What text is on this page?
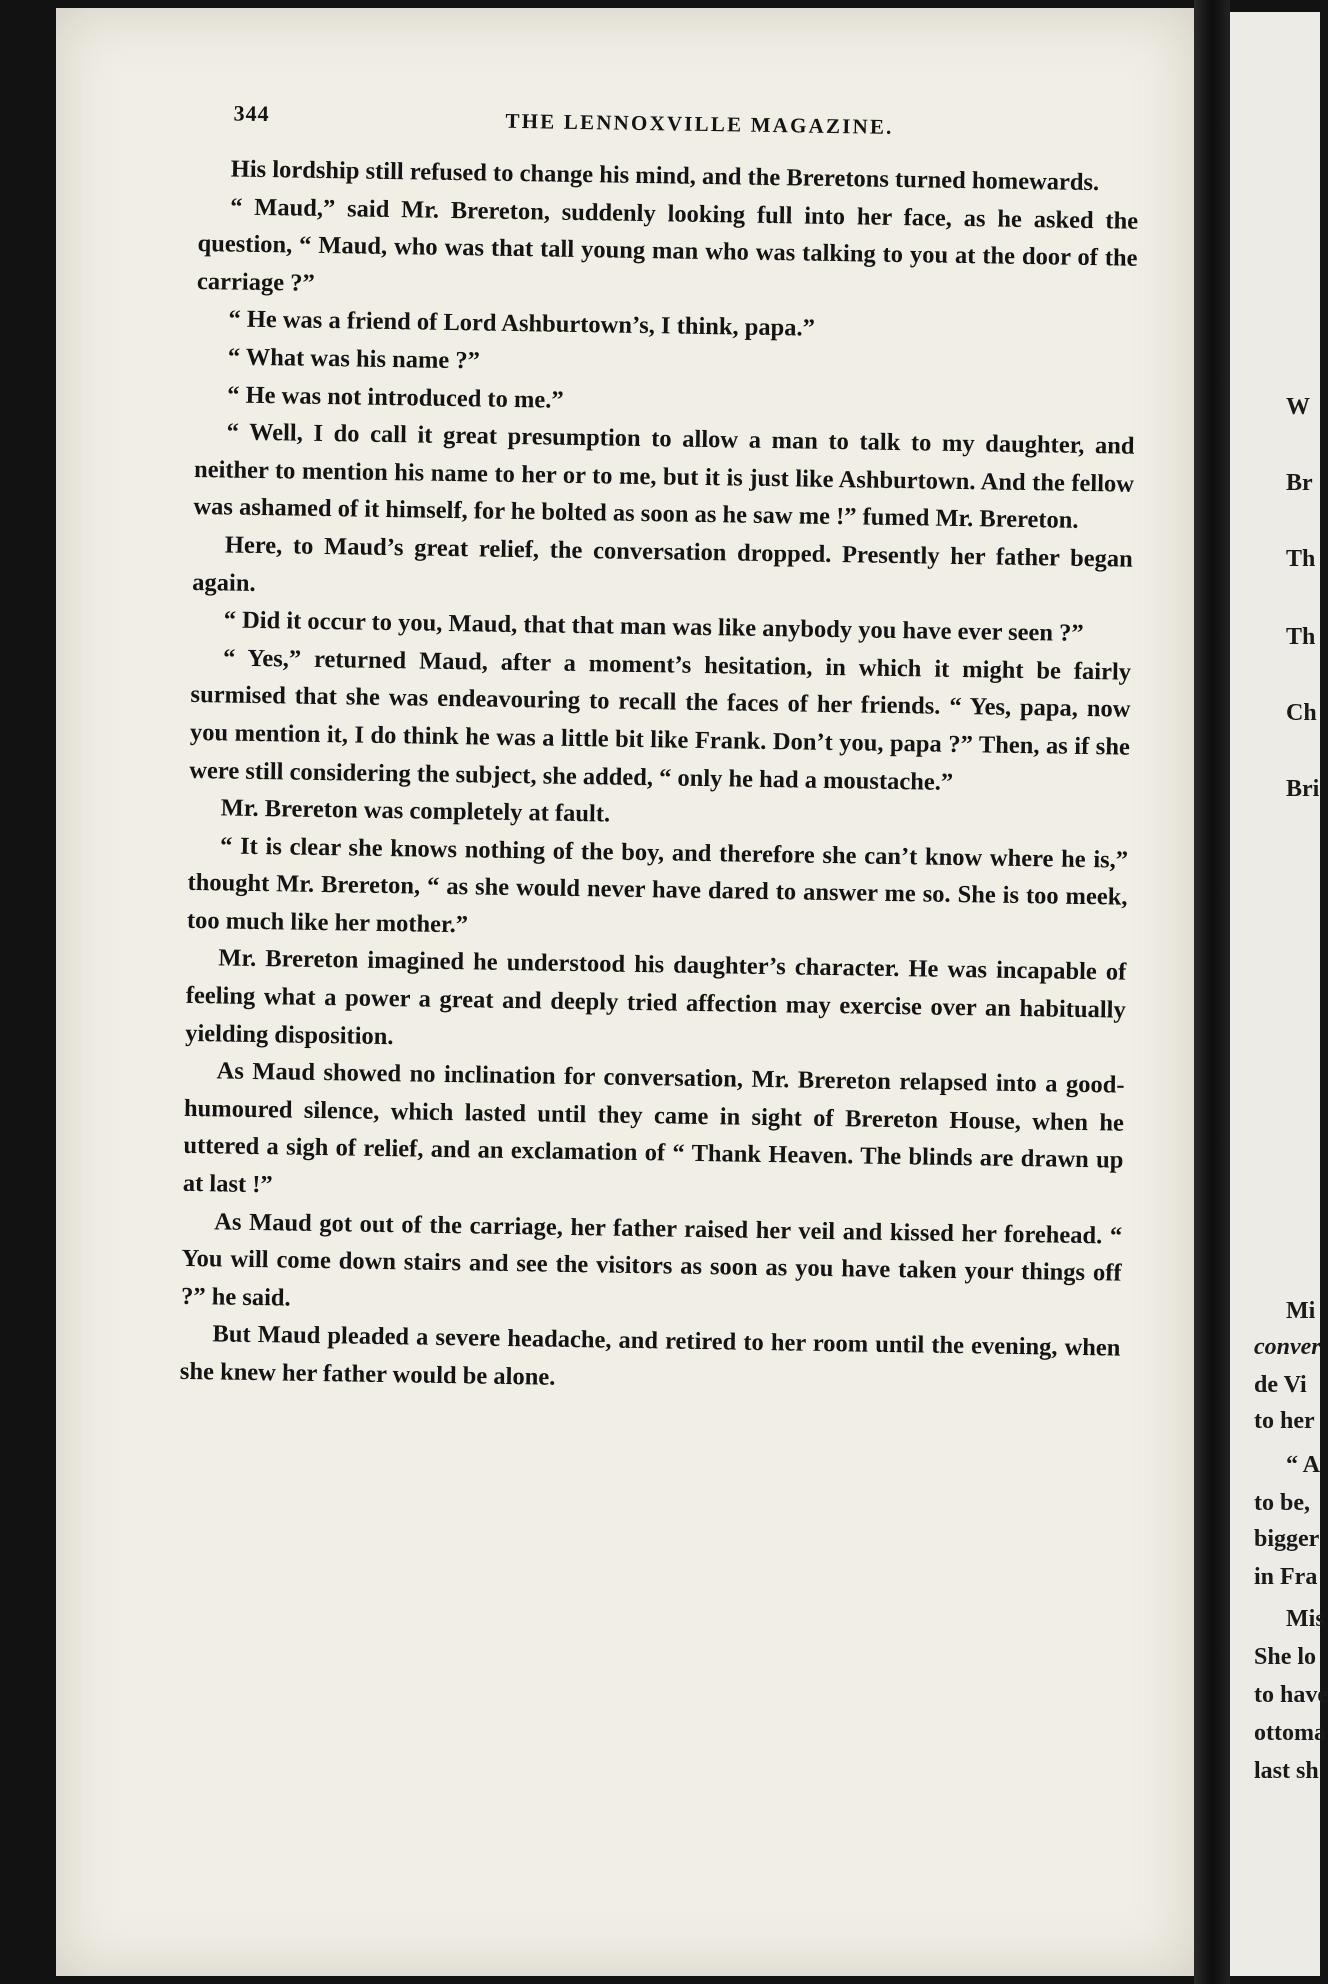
344	THE LENNOXVILLE MAGAZINE.

His lordship still refused to change his mind, and the Breretons turned homewards.

“ Maud,” said Mr. Brereton, suddenly looking full into her face, as he asked the question, “ Maud, who was that tall young man who was talking to you at the door of the carriage ?”

“ He was a friend of Lord Ashburtown’s, I think, papa.”

“ What was his name ?”

“ He was not introduced to me.”

“ Well, I do call it great presumption to allow a man to talk to my daughter, and neither to mention his name to her or to me, but it is just like Ashburtown. And the fellow was ashamed of it himself, for he bolted as soon as he saw me !” fumed Mr. Brereton.

Here, to Maud’s great relief, the conversation dropped. Presently her father began again.

“ Did it occur to you, Maud, that that man was like anybody you have ever seen ?”

“ Yes,” returned Maud, after a moment’s hesitation, in which it might be fairly surmised that she was endeavouring to recall the faces of her friends. “ Yes, papa, now you mention it, I do think he was a little bit like Frank. Don’t you, papa ?” Then, as if she were still considering the subject, she added, “ only he had a moustache.”

Mr. Brereton was completely at fault.

“ It is clear she knows nothing of the boy, and therefore she can’t know where he is,” thought Mr. Brereton, “ as she would never have dared to answer me so. She is too meek, too much like her mother.”

Mr. Brereton imagined he understood his daughter’s character. He was incapable of feeling what a power a great and deeply tried affection may exercise over an habitually yielding disposition.

As Maud showed no inclination for conversation, Mr. Brereton relapsed into a good-humoured silence, which lasted until they came in sight of Brereton House, when he uttered a sigh of relief, and an exclamation of “ Thank Heaven. The blinds are drawn up at last !”

As Maud got out of the carriage, her father raised her veil and kissed her forehead. “ You will come down stairs and see the visitors as soon as you have taken your things off ?” he said.

But Maud pleaded a severe headache, and retired to her room until the evening, when she knew her father would be alone.

W
Br
Th
Th
Ch
Bri
Mi
conver
de Vi
to her
“ A
to be,
bigger
in Fra
Mis
She lo
to have
ottoma
last sh
